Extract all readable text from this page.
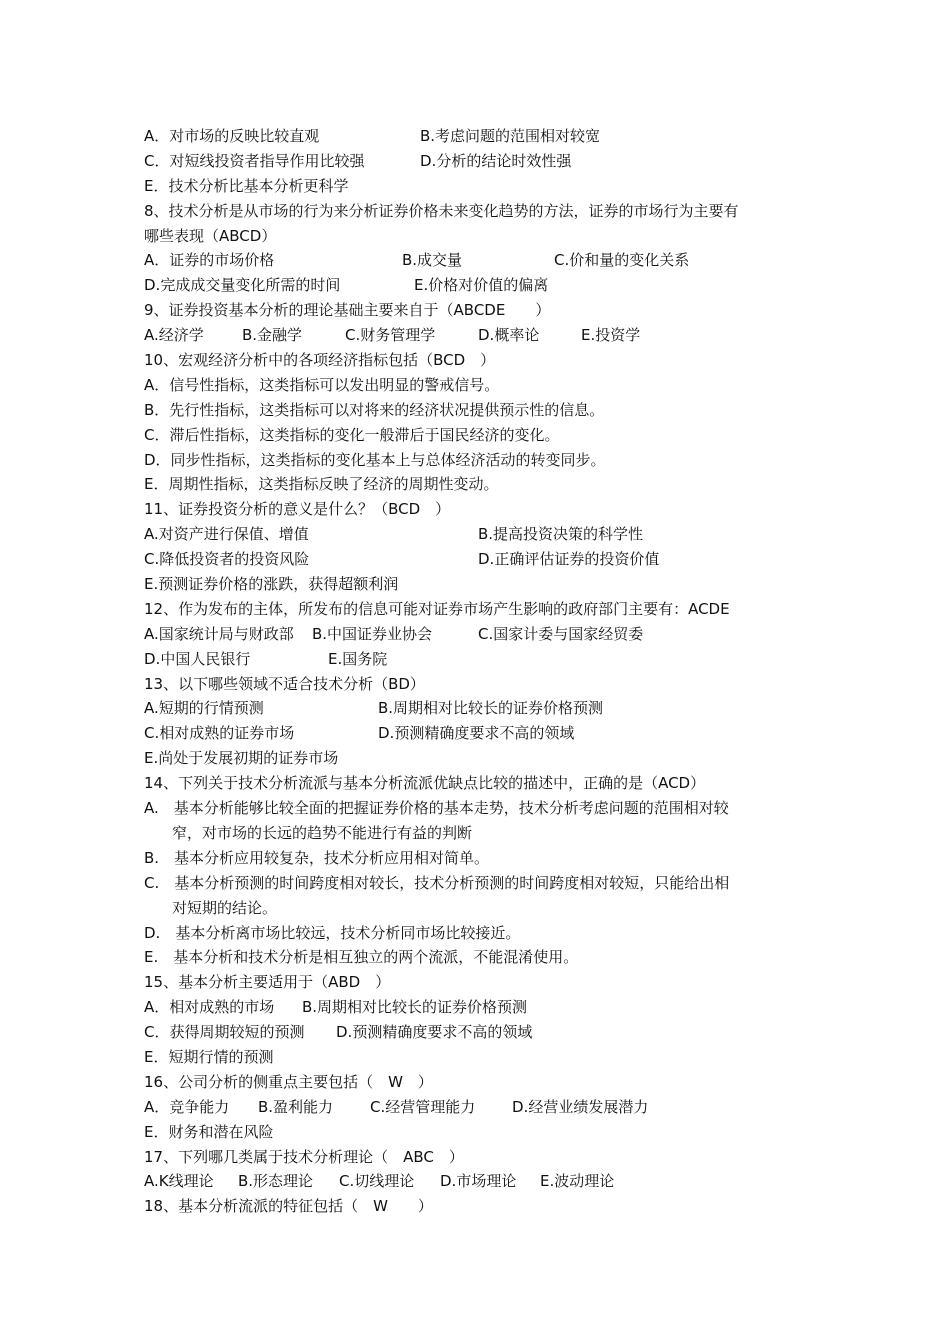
A．对市场的反映比较直观	B.考虑问题的范围相对较宽
C．对短线投资者指导作用比较强	D.分析的结论时效性强
E．技术分析比基本分析更科学
8、技术分析是从市场的行为来分析证券价格未来变化趋势的方法，证券的市场行为主要有
哪些表现（ABCD）
A．证券的市场价格	B.成交量	C.价和量的变化关系
D.完成成交量变化所需的时间	E.价格对价值的偏离
9、证券投资基本分析的理论基础主要来自于（ABCDE　　）
A.经济学	B.金融学	C.财务管理学	D.概率论	E.投资学
10、宏观经济分析中的各项经济指标包括（BCD　）
A．信号性指标，这类指标可以发出明显的警戒信号。
B．先行性指标，这类指标可以对将来的经济状况提供预示性的信息。
C．滞后性指标，这类指标的变化一般滞后于国民经济的变化。
D．同步性指标，这类指标的变化基本上与总体经济活动的转变同步。
E．周期性指标，这类指标反映了经济的周期性变动。
11、证券投资分析的意义是什么？（BCD　）
A.对资产进行保值、增值	B.提高投资决策的科学性
C.降低投资者的投资风险	D.正确评估证券的投资价值
E.预测证券价格的涨跌，获得超额利润
12、作为发布的主体，所发布的信息可能对证券市场产生影响的政府部门主要有：ACDE
A.国家统计局与财政部 B.中国证券业协会	C.国家计委与国家经贸委
D.中国人民银行	E.国务院
13、以下哪些领域不适合技术分析（BD）
A.短期的行情预测	B.周期相对比较长的证券价格预测
C.相对成熟的证券市场	D.预测精确度要求不高的领域
E.尚处于发展初期的证券市场
14、下列关于技术分析流派与基本分析流派优缺点比较的描述中，正确的是（ACD）
A.　基本分析能够比较全面的把握证券价格的基本走势，技术分析考虑问题的范围相对较
窄，对市场的长远的趋势不能进行有益的判断
B.　基本分析应用较复杂，技术分析应用相对简单。
C.　基本分析预测的时间跨度相对较长，技术分析预测的时间跨度相对较短，只能给出相
对短期的结论。
D.　基本分析离市场比较远，技术分析同市场比较接近。
E.　基本分析和技术分析是相互独立的两个流派，不能混淆使用。
15、基本分析主要适用于（ABD　）
A．相对成熟的市场 B.周期相对比较长的证券价格预测
C．获得周期较短的预测 D.预测精确度要求不高的领域
E．短期行情的预测
16、公司分析的侧重点主要包括（　W　）
A．竞争能力 B.盈利能力 C.经营管理能力 D.经营业绩发展潜力
E．财务和潜在风险
17、下列哪几类属于技术分析理论（　ABC　）
A.K线理论 B.形态理论 C.切线理论 D.市场理论 E.波动理论
18、基本分析流派的特征包括（　W　　）
